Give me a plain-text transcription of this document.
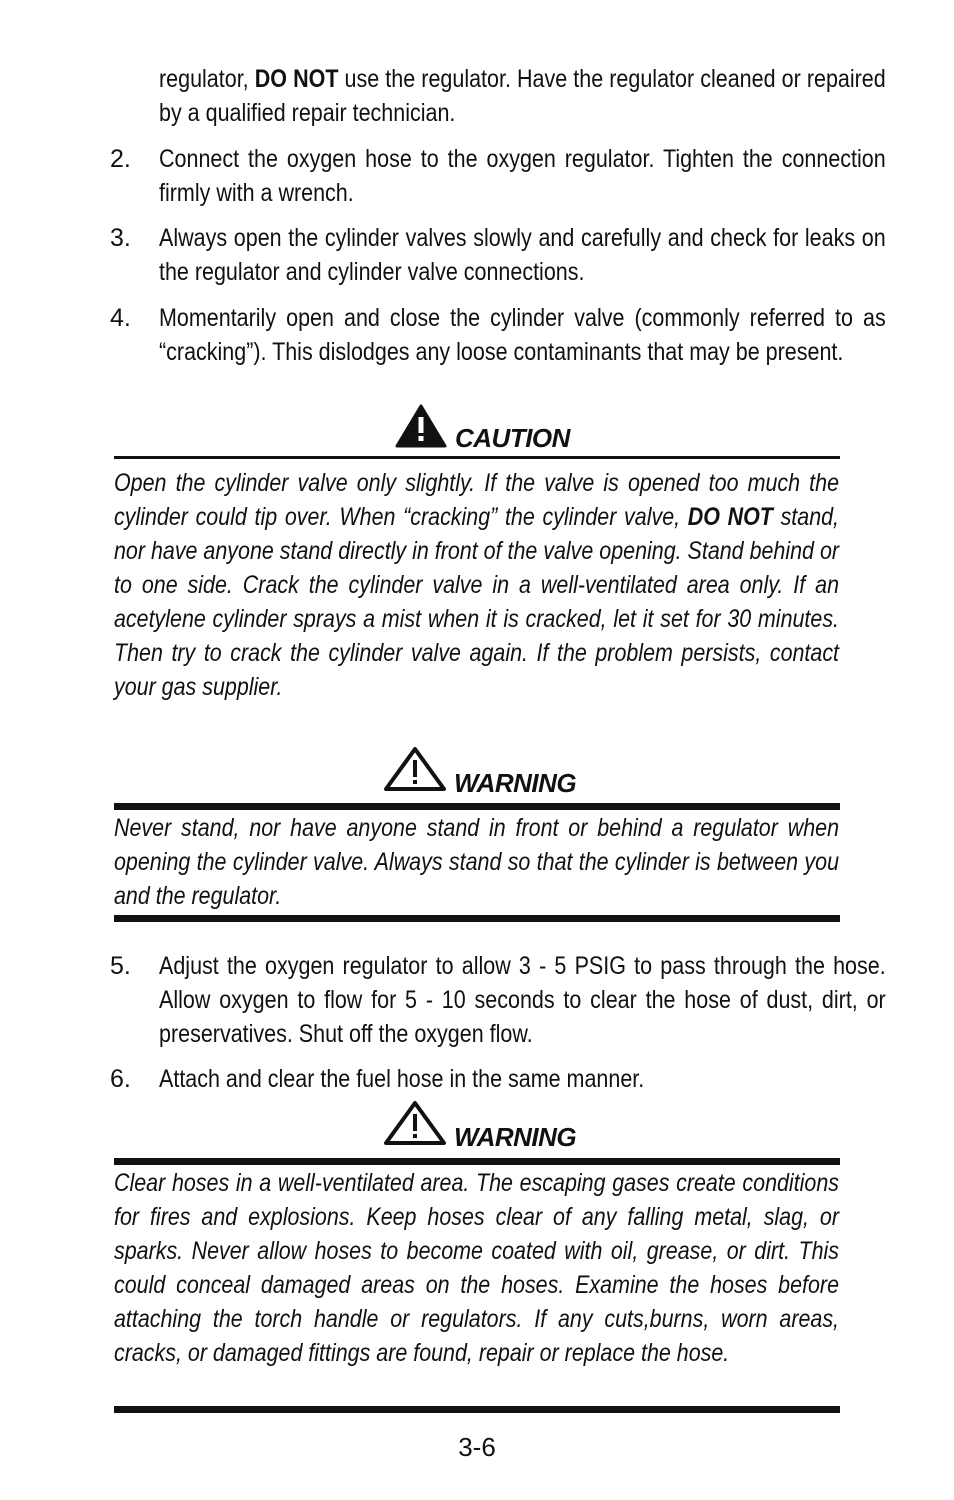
regulator, DO NOT use the regulator. Have the regulator cleaned or repaired by a qualified repair technician.
2.	Connect the oxygen hose to the oxygen regulator. Tighten the connection firmly with a wrench.
3.	Always open the cylinder valves slowly and carefully and check for leaks on the regulator and cylinder valve connections.
4.	Momentarily open and close the cylinder valve (commonly referred to as “cracking”). This dislodges any loose contaminants that may be present.
CAUTION
Open the cylinder valve only slightly. If the valve is opened too much the cylinder could tip over. When “cracking” the cylinder valve, DO NOT stand, nor have anyone stand directly in front of the valve opening. Stand behind or to one side. Crack the cylinder valve in a well-ventilated area only. If an acetylene cylinder sprays a mist when it is cracked, let it set for 30 minutes. Then try to crack the cylinder valve again. If the problem persists, contact your gas supplier.
WARNING
Never stand, nor have anyone stand in front or behind a regulator when opening the cylinder valve. Always stand so that the cylinder is between you and the regulator.
5.	Adjust the oxygen regulator to allow 3 - 5 PSIG to pass through the hose. Allow oxygen to flow for 5 - 10 seconds to clear the hose of dust, dirt, or preservatives. Shut off the oxygen flow.
6.	Attach and clear the fuel hose in the same manner.
WARNING
Clear hoses in a well-ventilated area. The escaping gases create conditions for fires and explosions. Keep hoses clear of any falling metal, slag, or sparks. Never allow hoses to become coated with oil, grease, or dirt. This could conceal damaged areas on the hoses. Examine the hoses before attaching the torch handle or regulators. If any cuts,burns, worn areas, cracks, or damaged fittings are found, repair or replace the hose.
3-6
